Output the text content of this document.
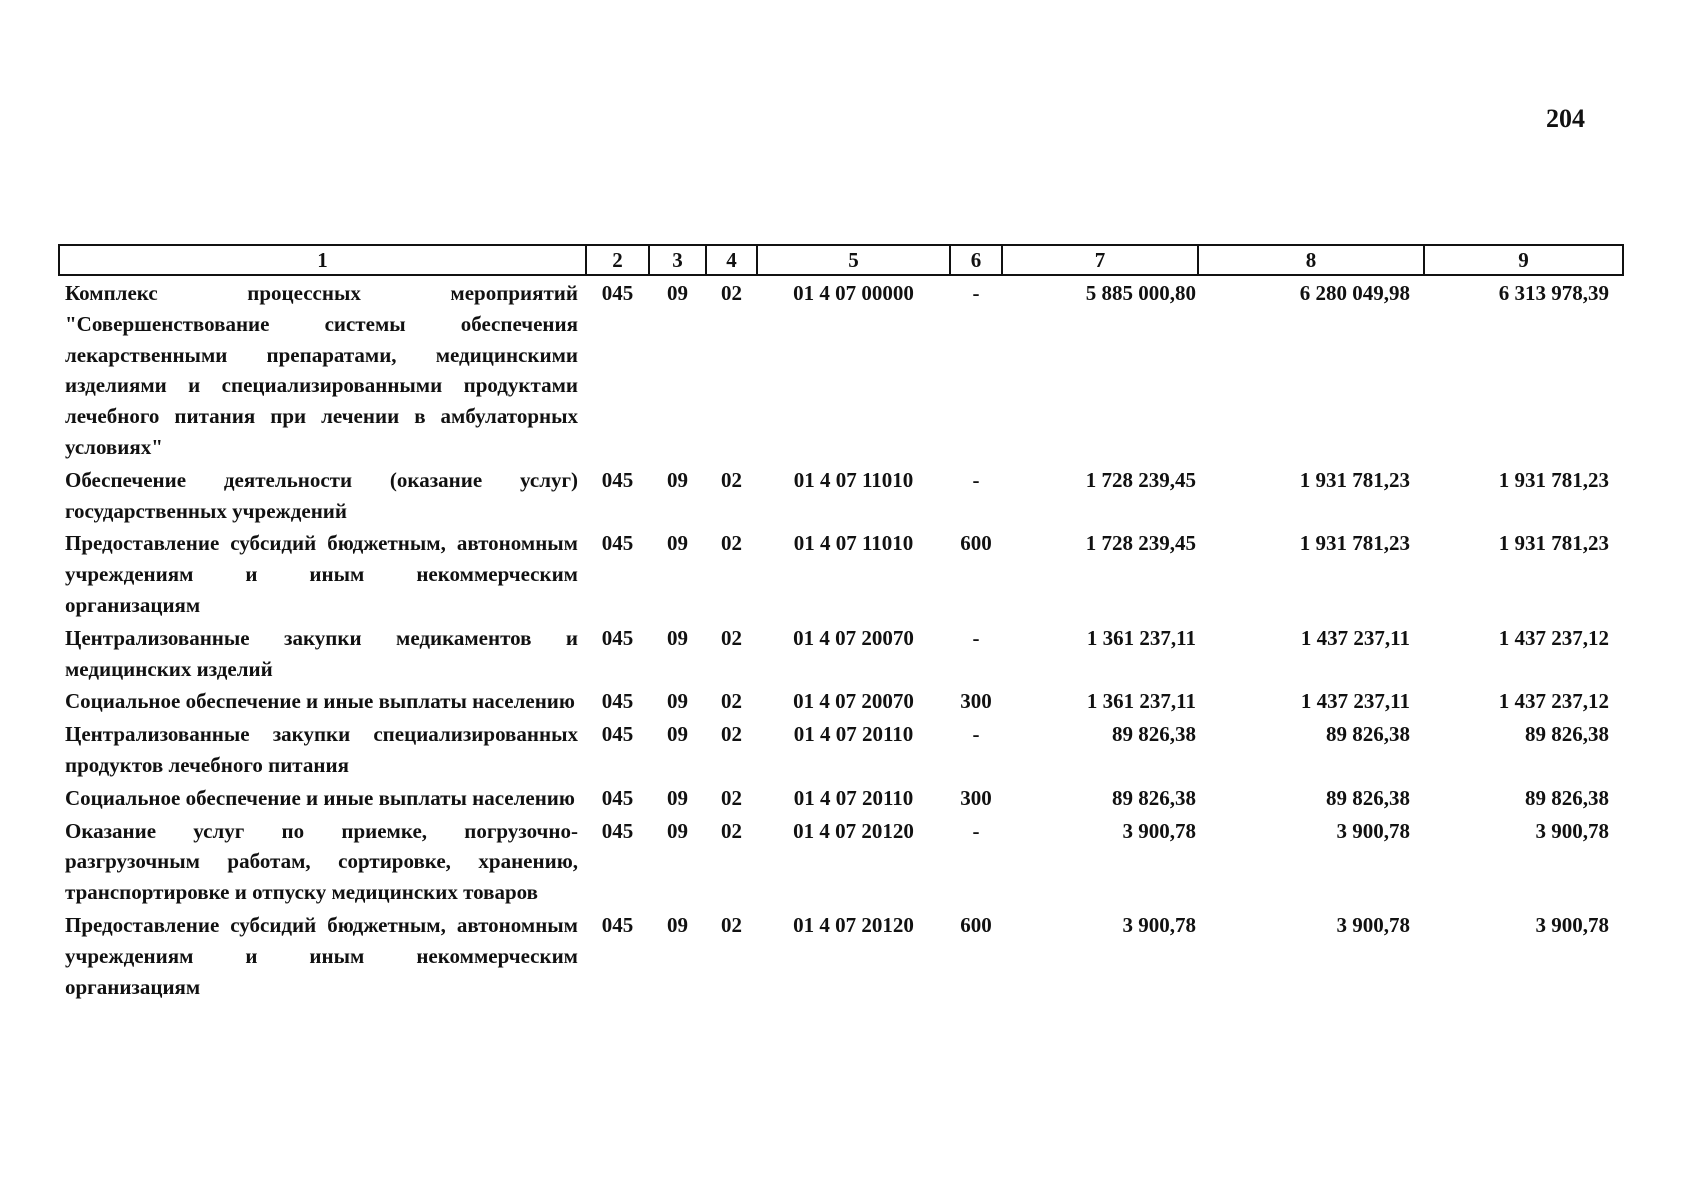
204
1	2	3	4	5	6	7	8	9
Комплекс процессных мероприятий "Совершенствование системы обеспечения лекарственными препаратами, медицинскими изделиями и специализированными продуктами лечебного питания при лечении в амбулаторных условиях"	045	09	02	01 4 07 00000	-	5 885 000,80	6 280 049,98	6 313 978,39
Обеспечение деятельности (оказание услуг) государственных учреждений	045	09	02	01 4 07 11010	-	1 728 239,45	1 931 781,23	1 931 781,23
Предоставление субсидий бюджетным, автономным учреждениям и иным некоммерческим организациям	045	09	02	01 4 07 11010	600	1 728 239,45	1 931 781,23	1 931 781,23
Централизованные закупки медикаментов и медицинских изделий	045	09	02	01 4 07 20070	-	1 361 237,11	1 437 237,11	1 437 237,12
Социальное обеспечение и иные выплаты населению	045	09	02	01 4 07 20070	300	1 361 237,11	1 437 237,11	1 437 237,12
Централизованные закупки специализированных продуктов лечебного питания	045	09	02	01 4 07 20110	-	89 826,38	89 826,38	89 826,38
Социальное обеспечение и иные выплаты населению	045	09	02	01 4 07 20110	300	89 826,38	89 826,38	89 826,38
Оказание услуг по приемке, погрузочно-разгрузочным работам, сортировке, хранению, транспортировке и отпуску медицинских товаров	045	09	02	01 4 07 20120	-	3 900,78	3 900,78	3 900,78
Предоставление субсидий бюджетным, автономным учреждениям и иным некоммерческим организациям	045	09	02	01 4 07 20120	600	3 900,78	3 900,78	3 900,78
